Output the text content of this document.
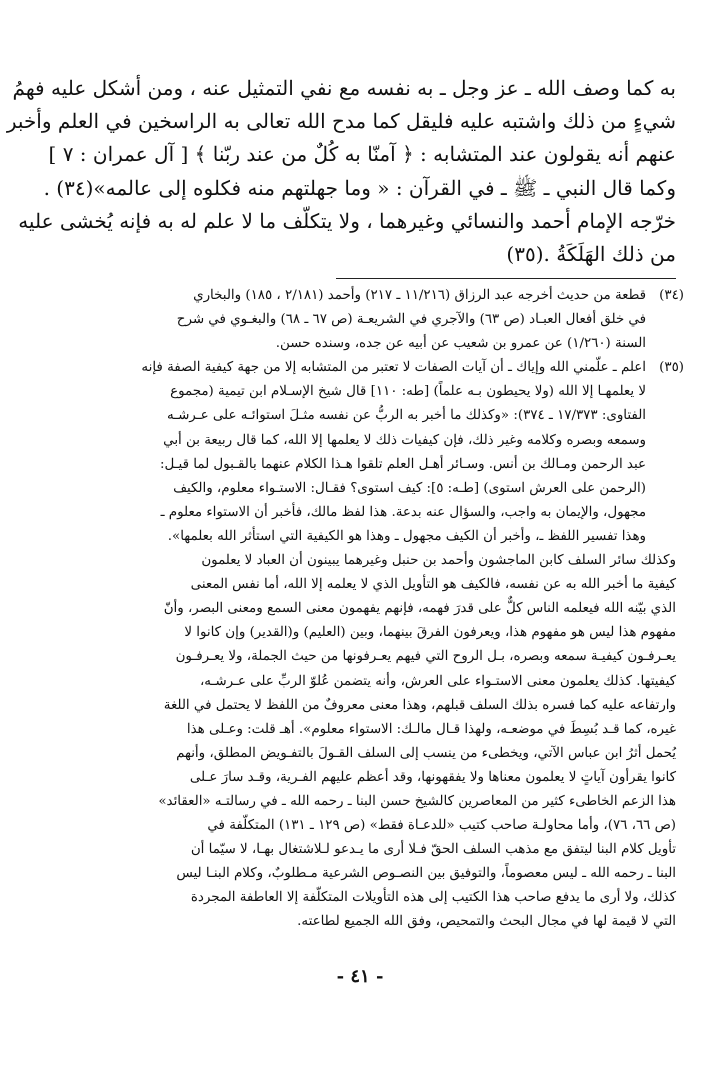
به كما وصف الله ـ عز وجل ـ به نفسه مع نفي التمثيل عنه ، ومن أشكل عليه فهمُ
شيءٍ من ذلك واشتبه عليه فليقل كما مدح الله تعالى به الراسخين في العلم وأخبر
عنهم أنه يقولون عند المتشابه : ﴿ آمنّا به كُلٌ من عند ربّنا ﴾ [ آل عمران : ٧ ]
وكما قال النبي ـ ﷺ ـ في القرآن : « وما جهلتهم منه فكلوه إلى عالمه»(٣٤) .
خرّجه الإمام أحمد والنسائي وغيرهما ، ولا يتكلّف ما لا علم له به فإنه يُخشى عليه
من ذلك الهَلَكَةُ .(٣٥)
(٣٤)
قطعة من حديث أخرجه عبد الرزاق (١١/٢١٦ ـ ٢١٧) وأحمد (٢/١٨١ ، ١٨٥) والبخاري
في خلق أفعال العبـاد (ص ٦٣) والآجري في الشريعـة (ص ٦٧ ـ ٦٨) والبغـوي في شرح
السنة (١/٢٦٠) عن عمرو بن شعيب عن أبيه عن جده، وسنده حسن.
(٣٥)
اعلم ـ علّمني الله وإياك ـ أن آيات الصفات لا تعتبر من المتشابه إلا من جهة كيفية الصفة فإنه
لا يعلمهـا إلا الله (ولا يحيطون بـه علماً) [طه: ١١٠] قال شيخ الإسـلام ابن تيمية (مجموع
الفتاوى: ١٧/٣٧٣ ـ ٣٧٤): «وكذلك ما أخبر به الربُّ عن نفسه مثـلَ استوائـه على عـرشـه
وسمعه وبصره وكلامه وغير ذلك، فإن كيفيات ذلك لا يعلمها إلا الله، كما قال ربيعة بن أبي
عبد الرحمن ومـالك بن أنس. وسـائر أهـل العلم تلقوا هـذا الكلام عنهما بالقـبول لما قيـل:
(الرحمن على العرش استوى) [طـه: ٥]: كيف استوى؟ فقـال: الاستـواء معلوم، والكيف
مجهول، والإيمان به واجب، والسؤال عنه بدعة. هذا لفظ مالك، فأخبر أن الاستواء معلوم ـ
وهذا تفسير اللفظ ـ، وأخبر أن الكيف مجهول ـ وهذا هو الكيفية التي استأثر الله بعلمها».
وكذلك سائر السلف كابن الماجشون وأحمد بن حنبل وغيرهما يبينون أن العباد لا يعلمون
كيفية ما أخبر الله به عن نفسه، فالكيف هو التأويل الذي لا يعلمه إلا الله، أما نفس المعنى
الذي بيّنه الله فيعلمه الناس كلٌّ على قدرَ فهمه، فإنهم يفهمون معنى السمع ومعنى البصر، وأنّ
مفهوم هذا ليس هو مفهوم هذا، ويعرفون الفرقَ بينهما، وبين (العليم) و(القدير) وإن كانوا لا
يعـرفـون كيفيـة سمعه وبصره، بـل الروح التي فيهم يعـرفونها من حيث الجملة، ولا يعـرفـون
كيفيتها. كذلك يعلمون معنى الاستـواء على العرش، وأنه يتضمن عُلوّ الربِّ على عـرشـه،
وارتفاعه عليه كما فسره بذلك السلف قبلهم، وهذا معنى معروفٌ من اللفظ لا يحتمل في اللغة
غيره، كما قـد بُسِطَ في موضعـه، ولهذا قـال مالـك: الاستواء معلوم». أهـ قلت: وعـلى هذا
يُحمل أثرُ ابن عباس الآتي، ويخطىء من ينسب إلى السلف القـولَ بالتفـويض المطلق، وأنهم
كانوا يقرأون آياتٍ لا يعلمون معناها ولا يفقهونها، وقد أعظم عليهم الفـرية، وقـد سارَ عـلى
هذا الزعم الخاطىء كثير من المعاصرين كالشيخ حسن البنا ـ رحمه الله ـ في رسالتـه «العقائد»
(ص ٦٦، ٧٦)، وأما محاولـة صاحب كتيب «للدعـاة فقط» (ص ١٢٩ ـ ١٣١) المتكلّفة في
تأويل كلام البنا ليتفق مع مذهب السلف الحقّ فـلا أرى ما يـدعو لـلاشتغال بهـا، لا سيّما أن
البنا ـ رحمه الله ـ ليس معصوماً، والتوفيق بين النصـوص الشرعية مـطلوبٌ، وكلام البنـا ليس
كذلك، ولا أرى ما يدفع صاحب هذا الكتيب إلى هذه التأويلات المتكلّفة إلا العاطفة المجردة
التي لا قيمة لها في مجال البحث والتمحيص، وفق الله الجميع لطاعته.
- ٤١ -
